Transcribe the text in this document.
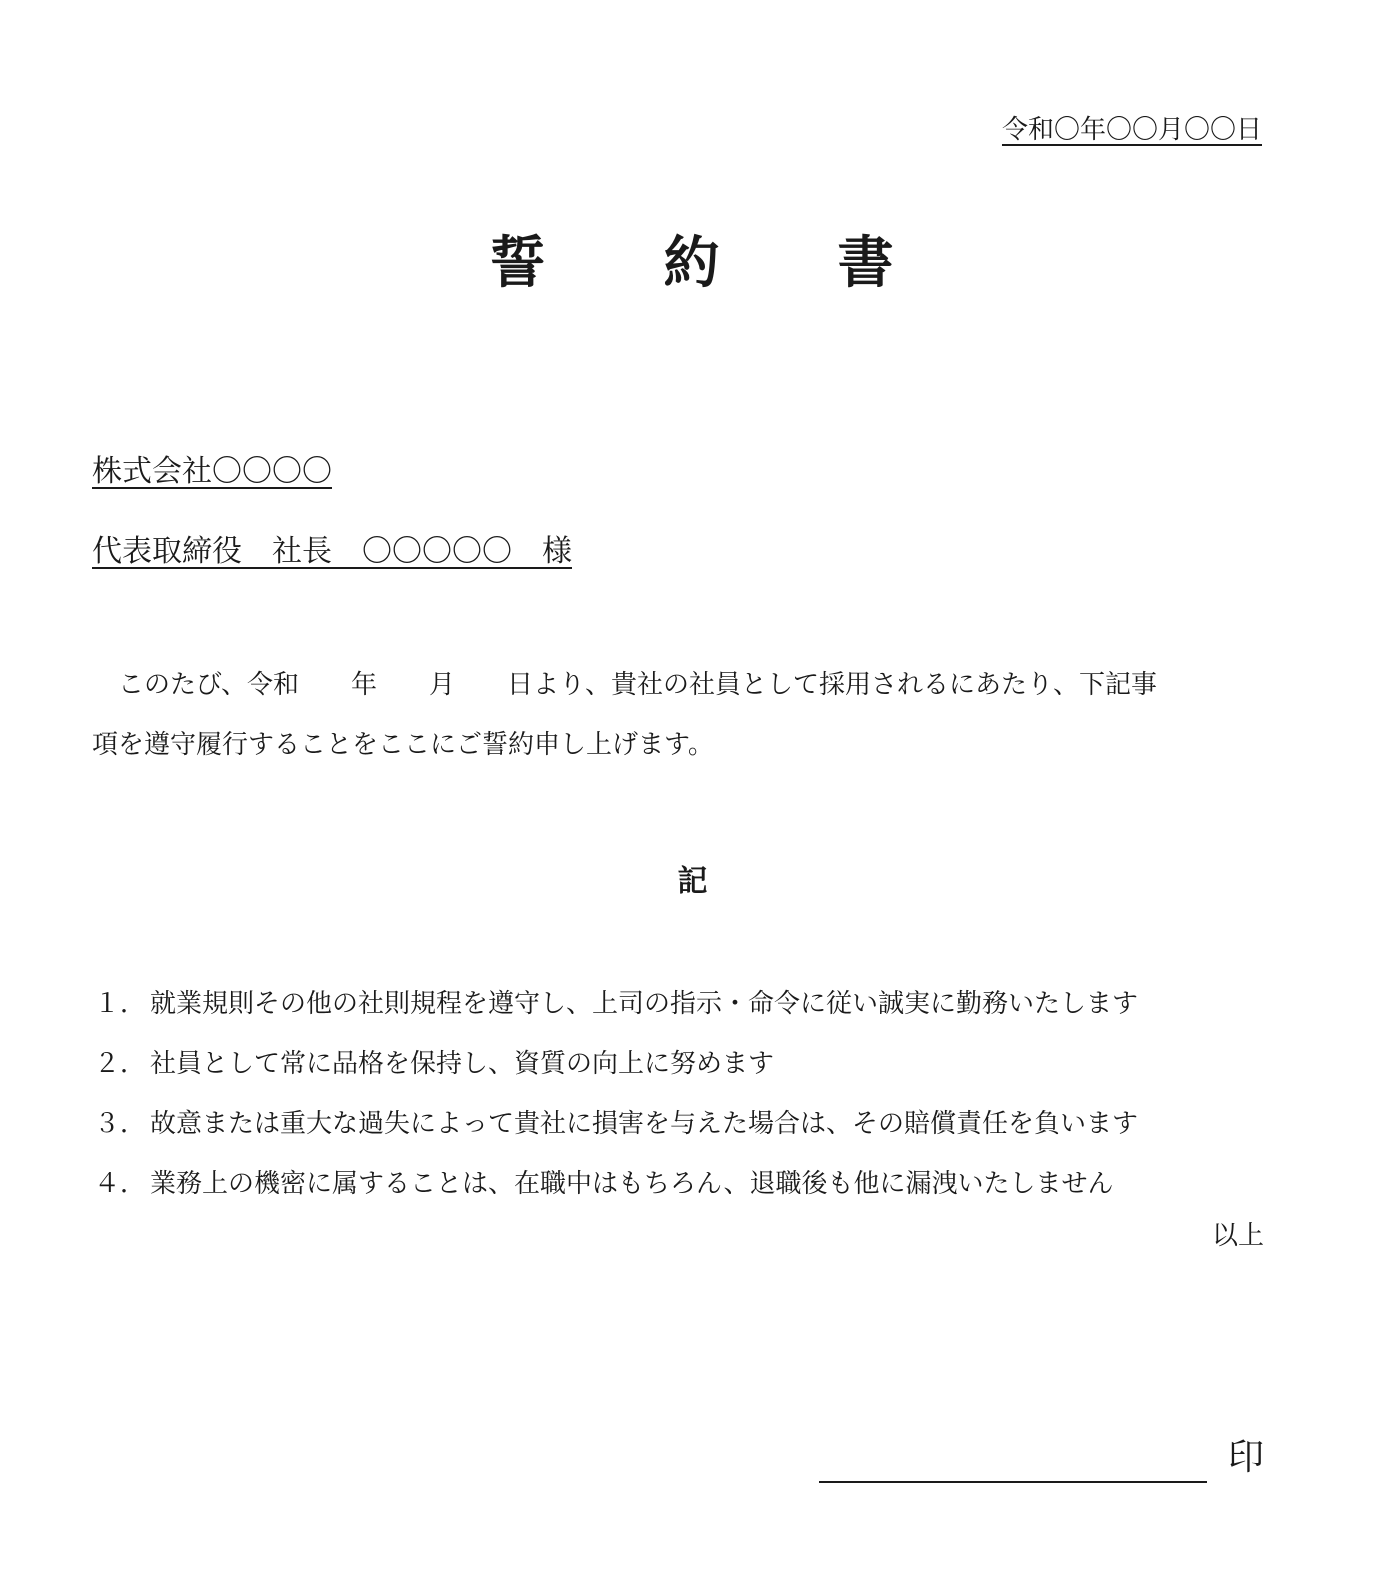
令和〇年〇〇月〇〇日
誓　　約　　書
株式会社〇〇〇〇
代表取締役　社長　〇〇〇〇〇　様
　このたび、令和　　年　　月　　日より、貴社の社員として採用されるにあたり、下記事
項を遵守履行することをここにご誓約申し上げます。
記
１． 就業規則その他の社則規程を遵守し、上司の指示・命令に従い誠実に勤務いたします
２． 社員として常に品格を保持し、資質の向上に努めます
３． 故意または重大な過失によって貴社に損害を与えた場合は、その賠償責任を負います
４． 業務上の機密に属することは、在職中はもちろん、退職後も他に漏洩いたしません
以上
印
